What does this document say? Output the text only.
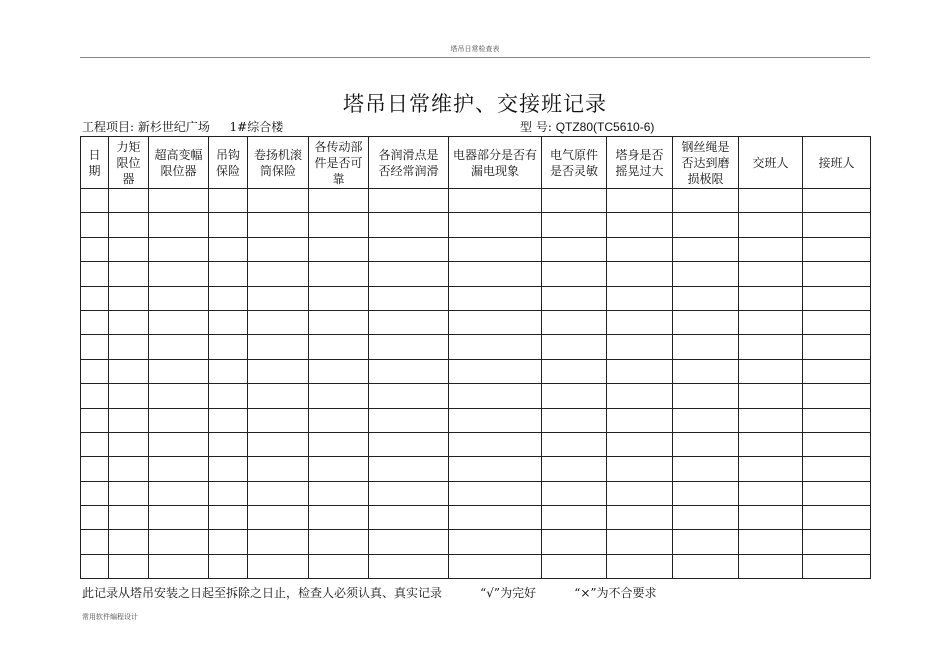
塔吊日常检查表
塔吊日常维护、交接班记录
工程项目: 新杉世纪广场 1#综合楼	型 号: QTZ80(TC5610-6)
日期	力矩限位器	超高变幅限位器	吊钩保险	卷扬机滚筒保险	各传动部件是否可靠	各润滑点是否经常润滑	电器部分是否有漏电现象	电气原件是否灵敏	塔身是否摇晃过大	钢丝绳是否达到磨损极限	交班人	接班人

此记录从塔吊安装之日起至拆除之日止，检查人必须认真、真实记录          “√”为完好          “×”为不合要求
常用软件编程设计
